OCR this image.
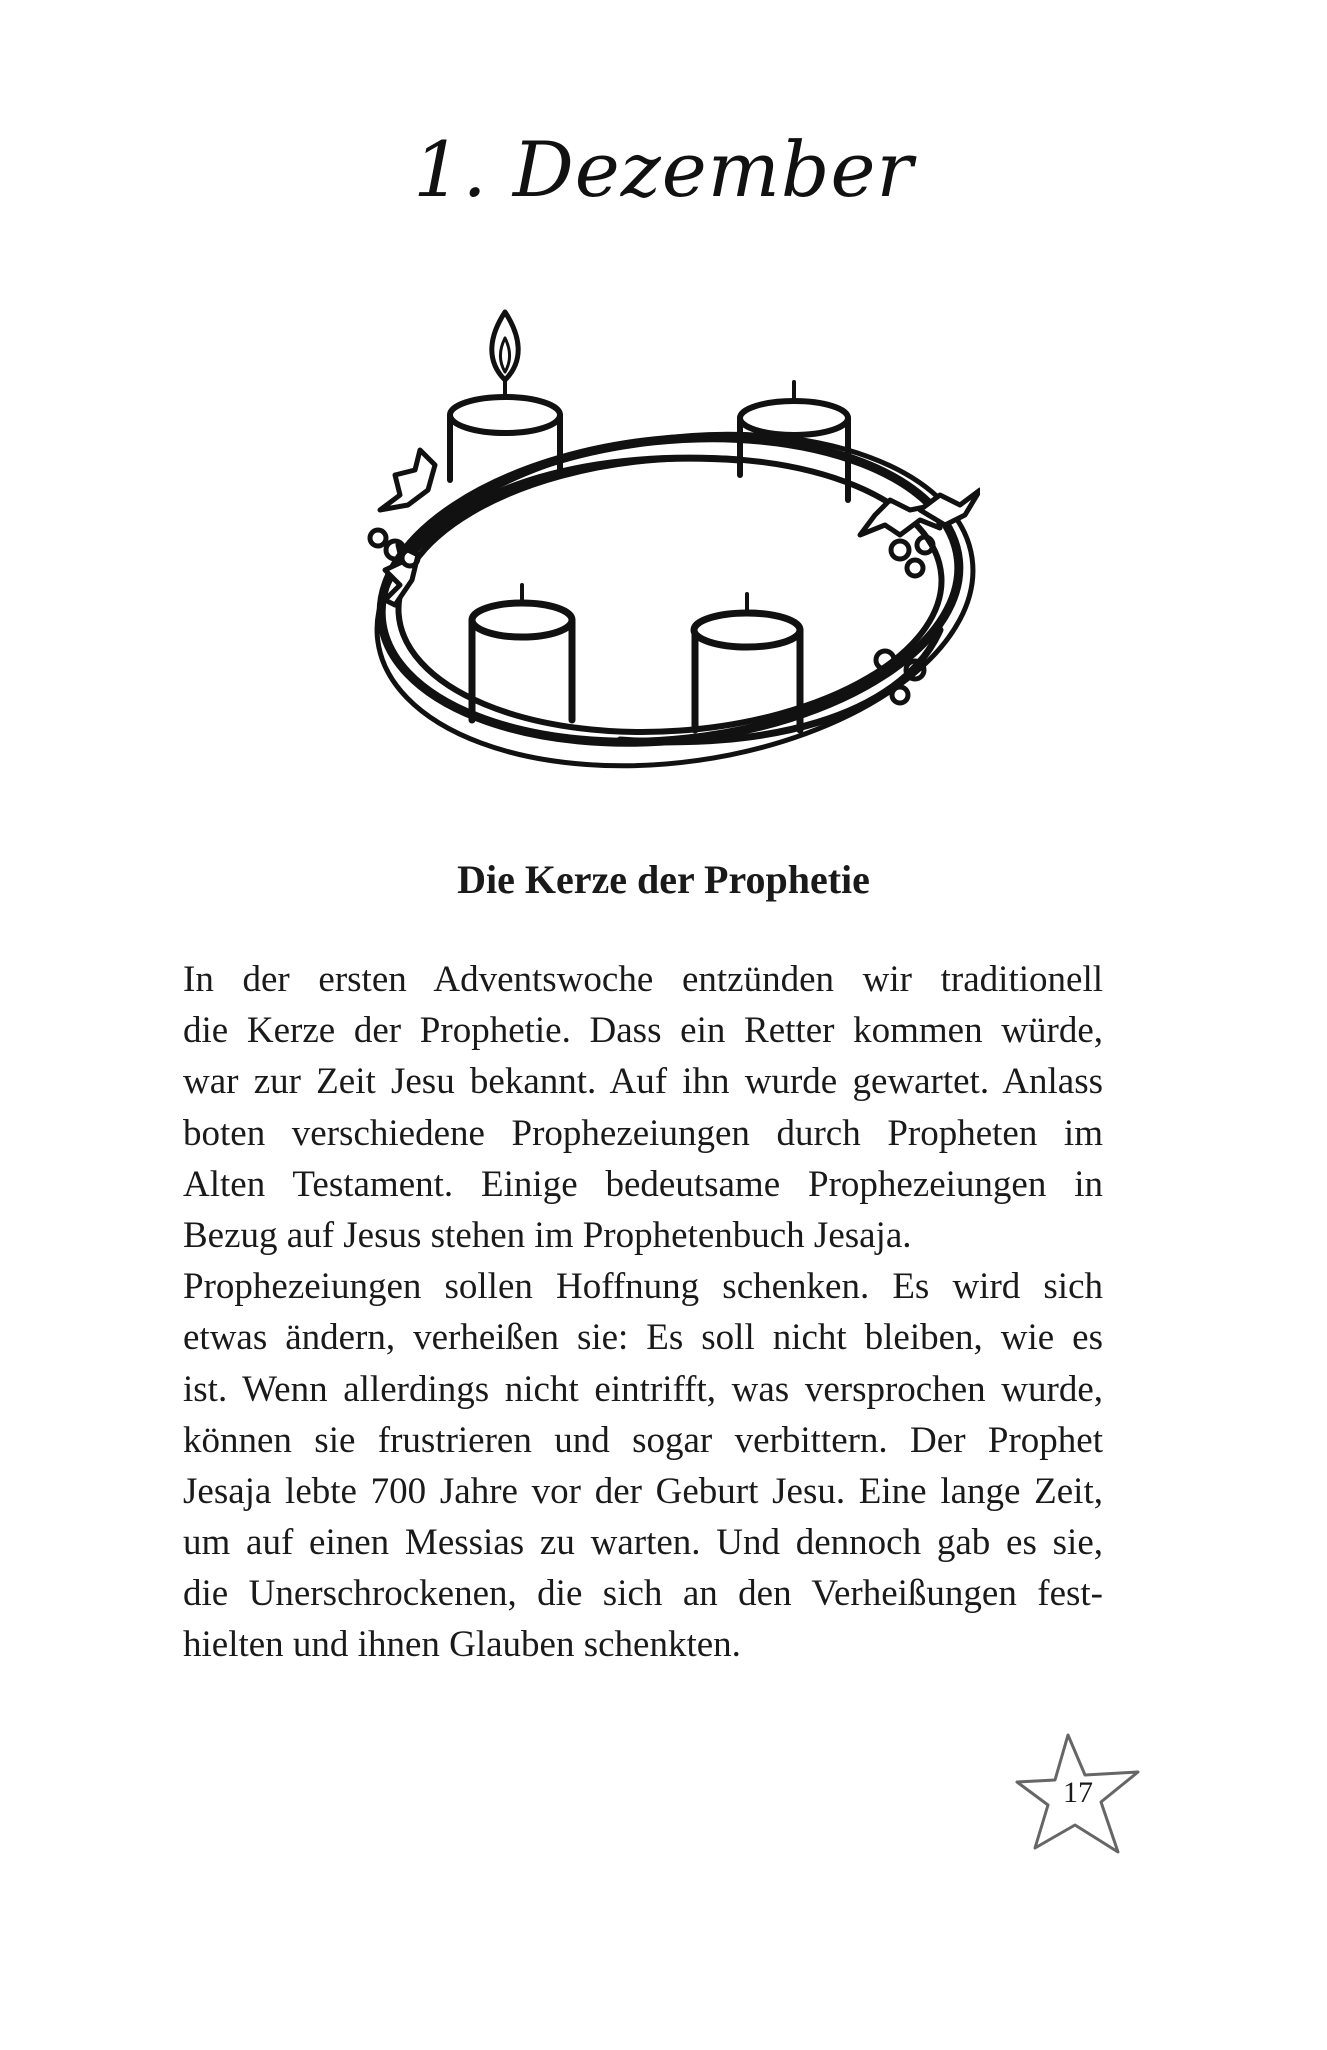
1. Dezember
Die Kerze der Prophetie
In der ersten Adventswoche entzünden wir traditionell
die Kerze der Prophetie. Dass ein Retter kommen würde,
war zur Zeit Jesu bekannt. Auf ihn wurde gewartet. Anlass
boten verschiedene Prophezeiungen durch Propheten im
Alten Testament. Einige bedeutsame Prophezeiungen in
Bezug auf Jesus stehen im Prophetenbuch Jesaja.
Prophezeiungen sollen Hoffnung schenken. Es wird sich
etwas ändern, verheißen sie: Es soll nicht bleiben, wie es
ist. Wenn allerdings nicht eintrifft, was versprochen wurde,
können sie frustrieren und sogar verbittern. Der Prophet
Jesaja lebte 700 Jahre vor der Geburt Jesu. Eine lange Zeit,
um auf einen Messias zu warten. Und dennoch gab es sie,
die Unerschrockenen, die sich an den Verheißungen fest-
hielten und ihnen Glauben schenkten.
17
